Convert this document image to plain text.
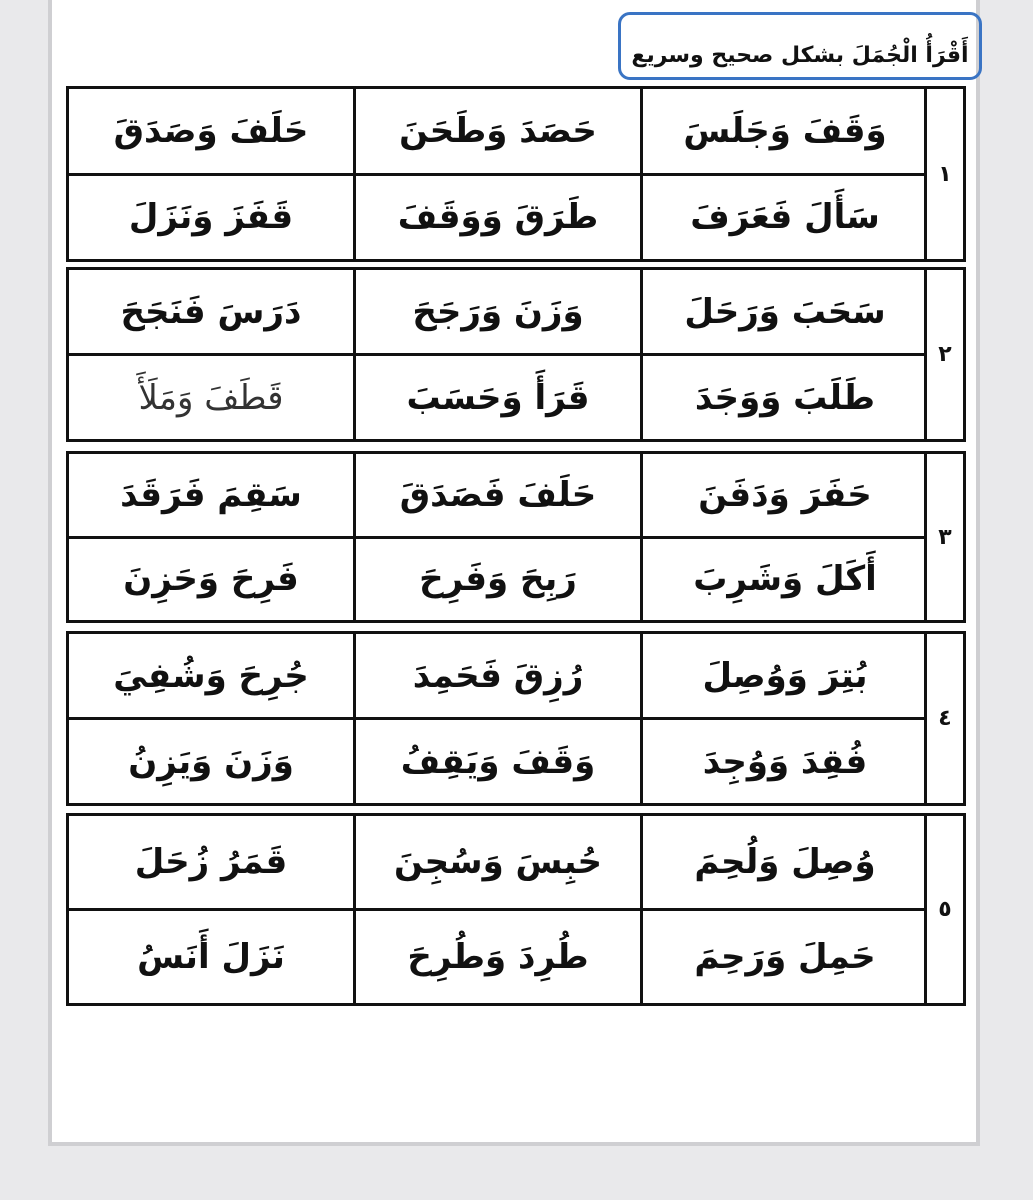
أَقْرَأُ الْجُمَلَ بشكل صحيح وسريع
١
وَقَفَ وَجَلَسَ
حَصَدَ وَطَحَنَ
حَلَفَ وَصَدَقَ
سَأَلَ فَعَرَفَ
طَرَقَ وَوَقَفَ
قَفَزَ وَنَزَلَ
٢
سَحَبَ وَرَحَلَ
وَزَنَ وَرَجَحَ
دَرَسَ فَنَجَحَ
طَلَبَ وَوَجَدَ
قَرَأَ وَحَسَبَ
قَطَفَ وَمَلَأَ
٣
حَفَرَ وَدَفَنَ
حَلَفَ فَصَدَقَ
سَقِمَ فَرَقَدَ
أَكَلَ وَشَرِبَ
رَبِحَ وَفَرِحَ
فَرِحَ وَحَزِنَ
٤
بُتِرَ وَوُصِلَ
رُزِقَ فَحَمِدَ
جُرِحَ وَشُفِيَ
فُقِدَ وَوُجِدَ
وَقَفَ وَيَقِفُ
وَزَنَ وَيَزِنُ
٥
وُصِلَ وَلُحِمَ
حُبِسَ وَسُجِنَ
قَمَرُ زُحَلَ
حَمِلَ وَرَحِمَ
طُرِدَ وَطُرِحَ
نَزَلَ أَنَسُ
